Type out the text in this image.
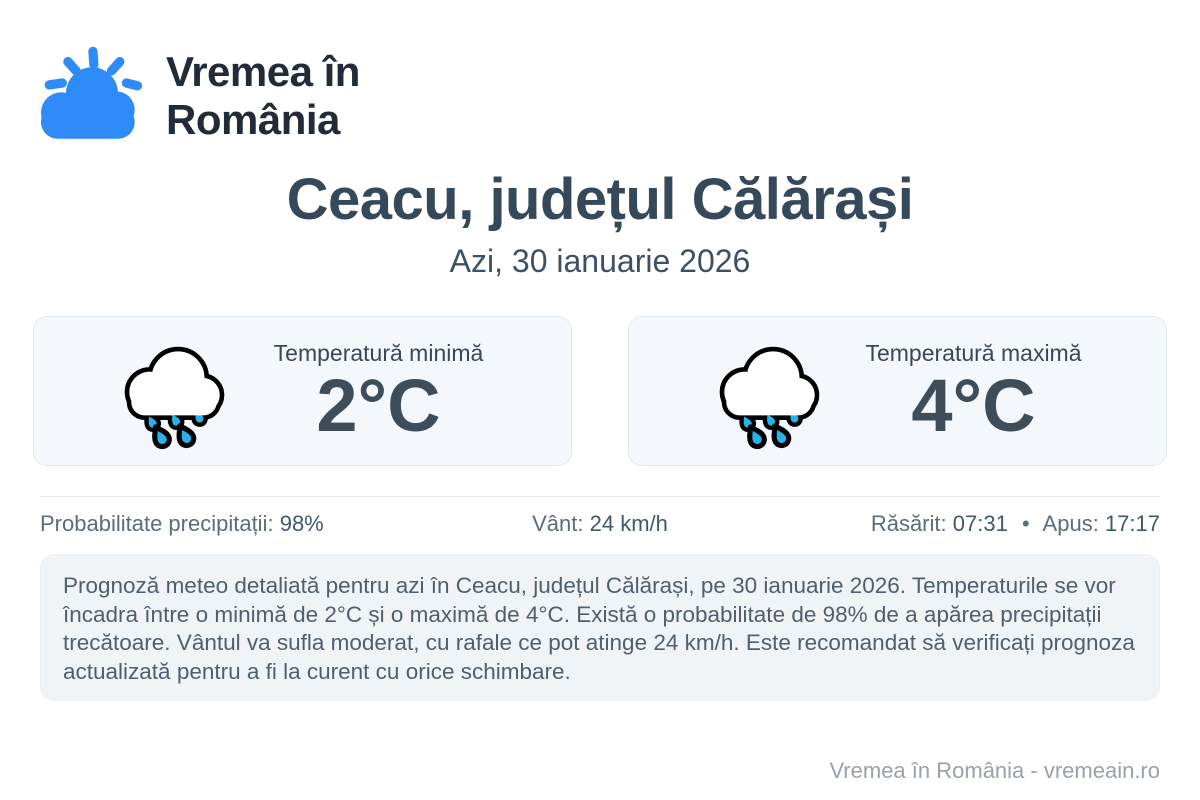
Vremea în
România
Ceacu, județul Călărași
Azi, 30 ianuarie 2026
Temperatură minimă
2°C
Temperatură maximă
4°C
Probabilitate precipitații: 98%	Vânt: 24 km/h	Răsărit: 07:31 • Apus: 17:17
Prognoză meteo detaliată pentru azi în Ceacu, județul Călărași, pe 30 ianuarie 2026. Temperaturile se vor încadra între o minimă de 2°C și o maximă de 4°C. Există o probabilitate de 98% de a apărea precipitații trecătoare. Vântul va sufla moderat, cu rafale ce pot atinge 24 km/h. Este recomandat să verificați prognoza actualizată pentru a fi la curent cu orice schimbare.
Vremea în România - vremeain.ro
